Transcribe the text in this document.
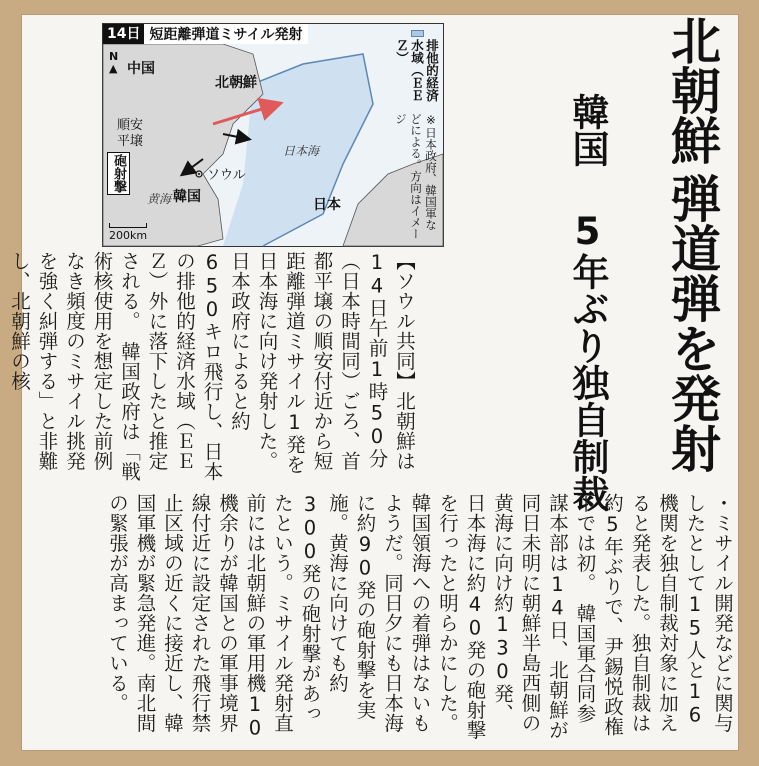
14日 短距離弾道ミサイル発射
N
▲ 中国
北朝鮮
順安
平壌
ソウル
韓国
黄海
日本海
日本
砲射撃
200km
排他的経済水域（ＥＥＺ）
※日本政府、韓国軍などによる。方向はイメージ	北朝鮮
弾道弾を発射
韓国 5年ぶり独自制裁
【ソウル共同】北朝鮮は14日午前1時50分（日本時間同）ごろ、首都平壌の順安付近から短距離弾道ミサイル1発を日本海に向け発射した。日本政府によると約650キロ飛行し、日本の排他的経済水域（ＥＥＺ）外に落下したと推定される。　韓国政府は「戦術核使用を想定した前例なき頻度のミサイル挑発を強く糾弾する」と非難し、北朝鮮の核
・ミサイル開発などに関与したとして15人と16機関を独自制裁対象に加えると発表した。独自制裁は約5年ぶりで、尹錫悦政権下では初。　韓国軍合同参謀本部は14日、北朝鮮が同日未明に朝鮮半島西側の黄海に向け約130発、日本海に約40発の砲射撃を行ったと明らかにした。韓国領海への着弾はないもようだ。同日夕にも日本海に約90発の砲射撃を実施。黄海に向けても約300発の砲射撃があったという。ミサイル発射直前には北朝鮮の軍用機10機余りが韓国との軍事境界線付近に設定された飛行禁止区域の近くに接近し、韓国軍機が緊急発進。南北間の緊張が高まっている。
